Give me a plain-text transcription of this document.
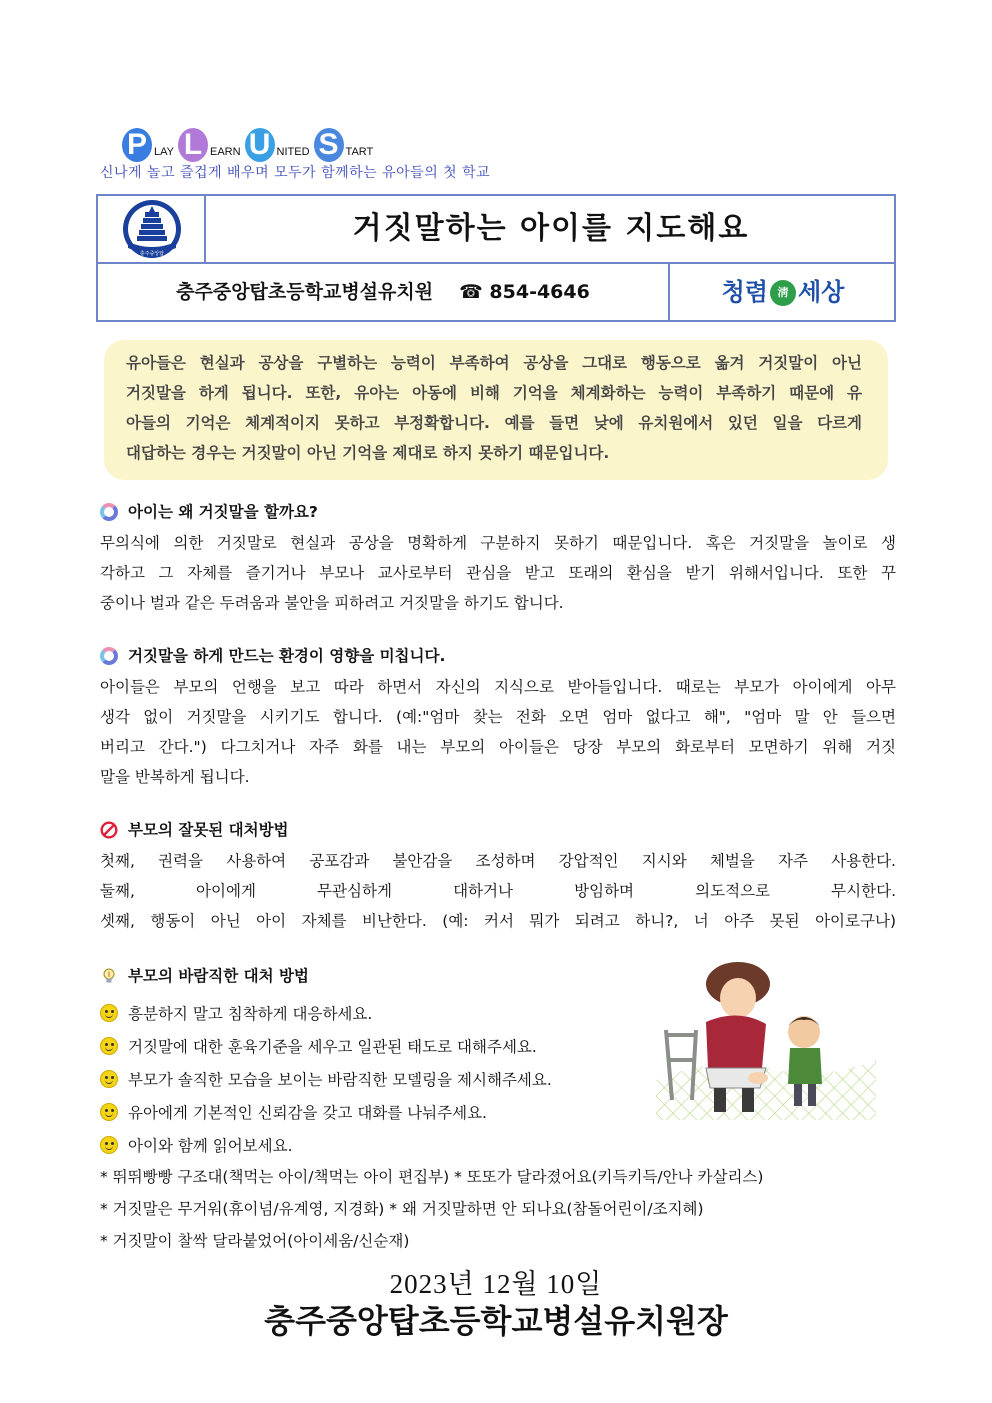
P LAY L EARN U NITED S TART
신나게 놀고 즐겁게 배우며 모두가 함께하는 유아들의 첫 학교
충주중앙탑
거짓말하는 아이를 지도해요
충주중앙탑초등학교병설유치원 ☎ 854-4646	청렴 淸 세상

유아들은 현실과 공상을 구별하는 능력이 부족하여 공상을 그대로 행동으로 옮겨 거짓말이 아닌

거짓말을 하게 됩니다. 또한, 유아는 아동에 비해 기억을 체계화하는 능력이 부족하기 때문에 유

아들의 기억은 체계적이지 못하고 부정확합니다. 예를 들면 낮에 유치원에서 있던 일을 다르게

대답하는 경우는 거짓말이 아닌 기억을 제대로 하지 못하기 때문입니다.

아이는 왜 거짓말을 할까요?

무의식에 의한 거짓말로 현실과 공상을 명확하게 구분하지 못하기 때문입니다. 혹은 거짓말을 놀이로 생

각하고 그 자체를 즐기거나 부모나 교사로부터 관심을 받고 또래의 환심을 받기 위해서입니다. 또한 꾸

중이나 벌과 같은 두려움과 불안을 피하려고 거짓말을 하기도 합니다.

거짓말을 하게 만드는 환경이 영향을 미칩니다.

아이들은 부모의 언행을 보고 따라 하면서 자신의 지식으로 받아들입니다. 때로는 부모가 아이에게 아무

생각 없이 거짓말을 시키기도 합니다. (예:"엄마 찾는 전화 오면 엄마 없다고 해", "엄마 말 안 들으면

버리고 간다.") 다그치거나 자주 화를 내는 부모의 아이들은 당장 부모의 화로부터 모면하기 위해 거짓

말을 반복하게 됩니다.

부모의 잘못된 대처방법

첫째, 권력을 사용하여 공포감과 불안감을 조성하며 강압적인 지시와 체벌을 자주 사용한다.

둘째, 아이에게 무관심하게 대하거나 방임하며 의도적으로 무시한다.

셋째, 행동이 아닌 아이 자체를 비난한다. (예: 커서 뭐가 되려고 하니?, 너 아주 못된 아이로구나)

부모의 바람직한 대처 방법
흥분하지 말고 침착하게 대응하세요.
거짓말에 대한 훈육기준을 세우고 일관된 태도로 대해주세요.
부모가 솔직한 모습을 보이는 바람직한 모델링을 제시해주세요.
유아에게 기본적인 신뢰감을 갖고 대화를 나눠주세요.
아이와 함께 읽어보세요.
* 뛰뛰빵빵 구조대(책먹는 아이/책먹는 아이 편집부) * 또또가 달라졌어요(키득키득/안나 카살리스)
* 거짓말은 무거워(휴이넘/유계영, 지경화) * 왜 거짓말하면 안 되나요(참돌어린이/조지혜)
* 거짓말이 찰싹 달라붙었어(아이세움/신순재)
2023년 12월 10일
충주중앙탑초등학교병설유치원장
